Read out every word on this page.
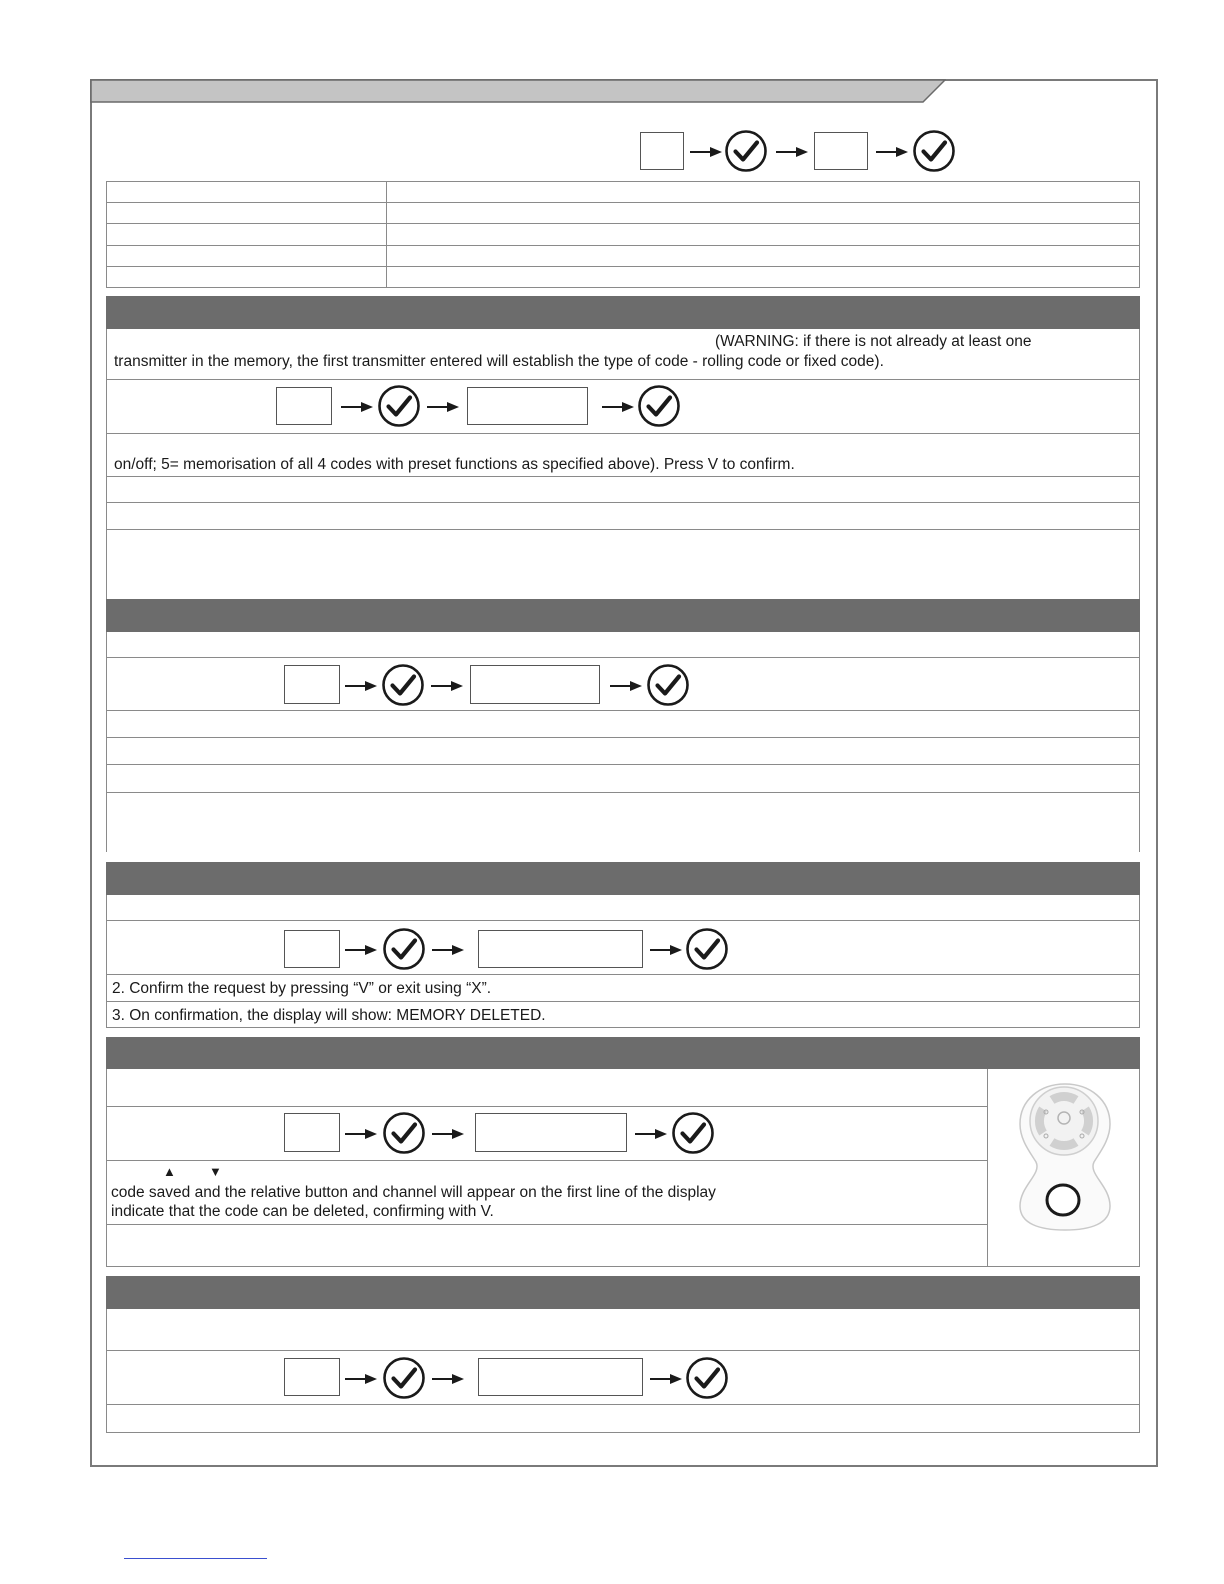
(WARNING: if there is not already at least one
transmitter in the memory, the first transmitter entered will establish the type of code - rolling code or fixed code).
on/off; 5= memorisation of all 4 codes with preset functions as specified above). Press V to confirm.
2. Confirm the request by pressing “V” or exit using “X”.
3. On confirmation, the display will show: MEMORY DELETED.
▲	▼
code saved and the relative button and channel will appear on the first line of the display
indicate that the code can be deleted, confirming with V.
